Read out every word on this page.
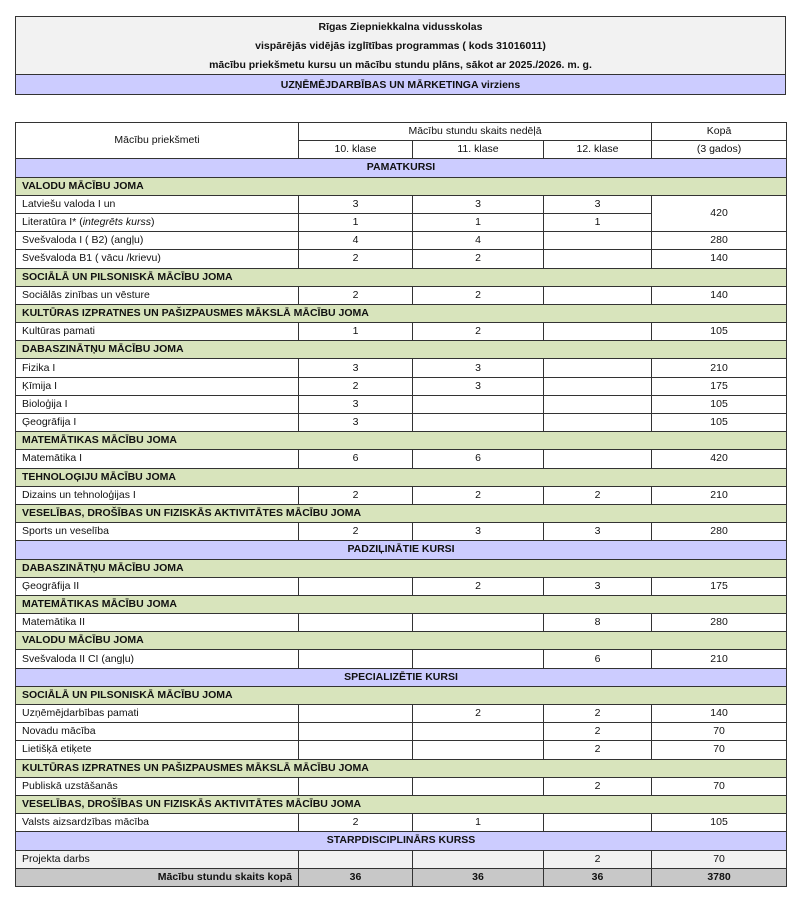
Rīgas Ziepniekkalna vidusskolas
vispārējās vidējās izglītības programmas ( kods 31016011)
mācību priekšmetu kursu un mācību stundu plāns, sākot ar 2025./2026. m. g.
UZŅĒMĒJDARBĪBAS UN MĀRKETINGA virziens
Mācību priekšmeti	Mācību stundu skaits nedēļā			Kopā
	10. klase	11. klase	12. klase	(3 gados)
PAMATKURSI				
VALODU MĀCĪBU JOMA				
Latviešu valoda I un	3	3	3	420
Literatūra I* (integrēts kurss)	1	1	1	
Svešvaloda I ( B2) (angļu)	4	4		280
Svešvaloda B1 ( vācu /krievu)	2	2		140
SOCIĀLĀ UN PILSONISKĀ MĀCĪBU JOMA				
Sociālās zinības un vēsture	2	2		140
KULTŪRAS IZPRATNES UN PAŠIZPAUSMES MĀKSLĀ MĀCĪBU JOMA				
Kultūras pamati	1	2		105
DABASZINĀTŅU MĀCĪBU JOMA				
Fizika I	3	3		210
Ķīmija I	2	3		175
Bioloģija I	3			105
Ģeogrāfija I	3			105
MATEMĀTIKAS MĀCĪBU JOMA				
Matemātika I	6	6		420
TEHNOLOĢIJU MĀCĪBU JOMA				
Dizains un tehnoloģijas I	2	2	2	210
VESELĪBAS, DROŠĪBAS UN FIZISKĀS AKTIVITĀTES MĀCĪBU JOMA				
Sports un veselība	2	3	3	280
PADZIĻINĀTIE KURSI				
DABASZINĀTŅU MĀCĪBU JOMA				
Ģeogrāfija II		2	3	175
MATEMĀTIKAS MĀCĪBU JOMA				
Matemātika II			8	280
VALODU MĀCĪBU JOMA				
Svešvaloda II CI (angļu)			6	210
SPECIALIZĒTIE KURSI				
SOCIĀLĀ UN PILSONISKĀ MĀCĪBU JOMA				
Uzņēmējdarbības pamati		2	2	140
Novadu mācība			2	70
Lietišķā etiķete			2	70
KULTŪRAS IZPRATNES UN PAŠIZPAUSMES MĀKSLĀ MĀCĪBU JOMA				
Publiskā uzstāšanās			2	70
VESELĪBAS, DROŠĪBAS UN FIZISKĀS AKTIVITĀTES MĀCĪBU JOMA				
Valsts aizsardzības mācība	2	1		105
STARPDISCIPLINĀRS KURSS				
Projekta darbs			2	70
Mācību stundu skaits kopā	36	36	36	3780
